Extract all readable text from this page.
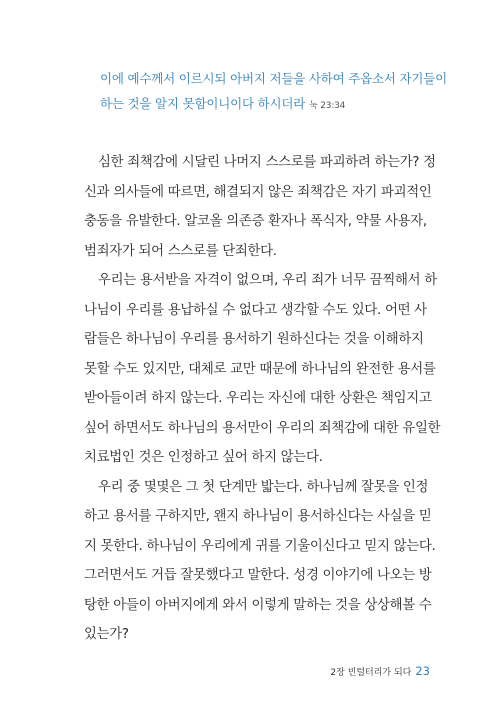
이에 예수께서 이르시되 아버지 저들을 사하여 주옵소서 자기들이
하는 것을 알지 못함이니이다 하시더라 눅 23:34

심한 죄책감에 시달린 나머지 스스로를 파괴하려 하는가? 정
신과 의사들에 따르면, 해결되지 않은 죄책감은 자기 파괴적인
충동을 유발한다. 알코올 의존증 환자나 폭식자, 약물 사용자,
범죄자가 되어 스스로를 단죄한다.

우리는 용서받을 자격이 없으며, 우리 죄가 너무 끔찍해서 하
나님이 우리를 용납하실 수 없다고 생각할 수도 있다. 어떤 사
람들은 하나님이 우리를 용서하기 원하신다는 것을 이해하지
못할 수도 있지만, 대체로 교만 때문에 하나님의 완전한 용서를
받아들이려 하지 않는다. 우리는 자신에 대한 상환은 책임지고
싶어 하면서도 하나님의 용서만이 우리의 죄책감에 대한 유일한
치료법인 것은 인정하고 싶어 하지 않는다.

우리 중 몇몇은 그 첫 단계만 밟는다. 하나님께 잘못을 인정
하고 용서를 구하지만, 왠지 하나님이 용서하신다는 사실을 믿
지 못한다. 하나님이 우리에게 귀를 기울이신다고 믿지 않는다.
그러면서도 거듭 잘못했다고 말한다. 성경 이야기에 나오는 방
탕한 아들이 아버지에게 와서 이렇게 말하는 것을 상상해볼 수
있는가?

2장 빈털터리가 되다 23
